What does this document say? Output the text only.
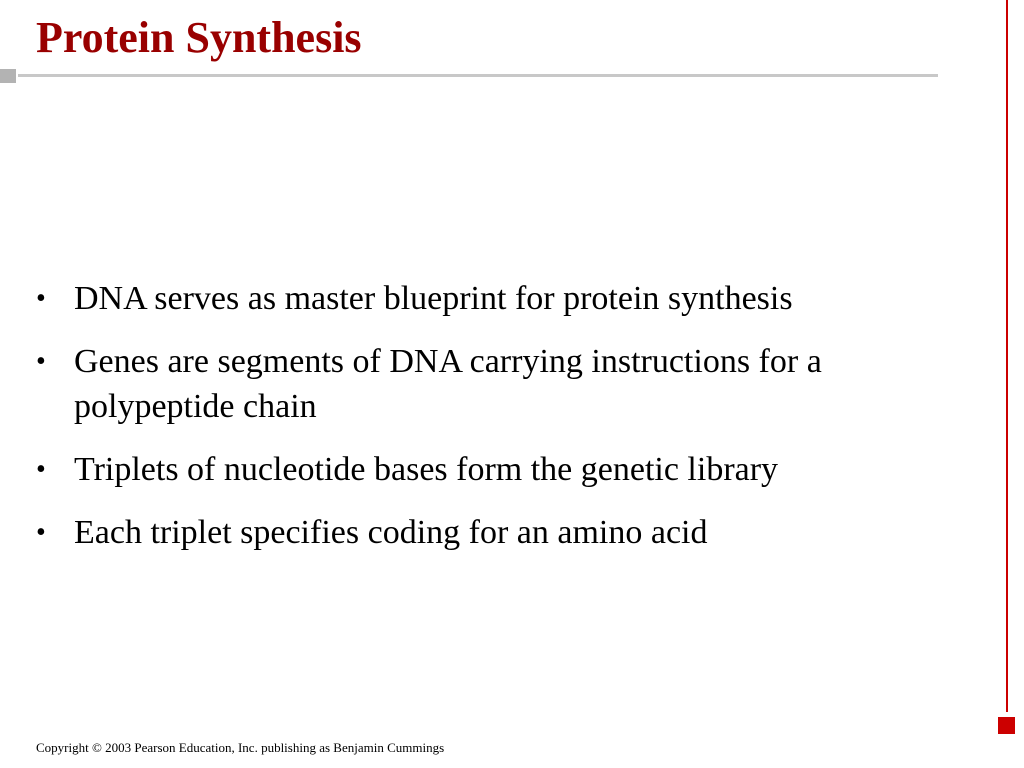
Protein Synthesis
• DNA serves as master blueprint for protein synthesis
• Genes are segments of DNA carrying instructions for a polypeptide chain
• Triplets of nucleotide bases form the genetic library
• Each triplet specifies coding for an amino acid
Copyright © 2003 Pearson Education, Inc. publishing as Benjamin Cummings
